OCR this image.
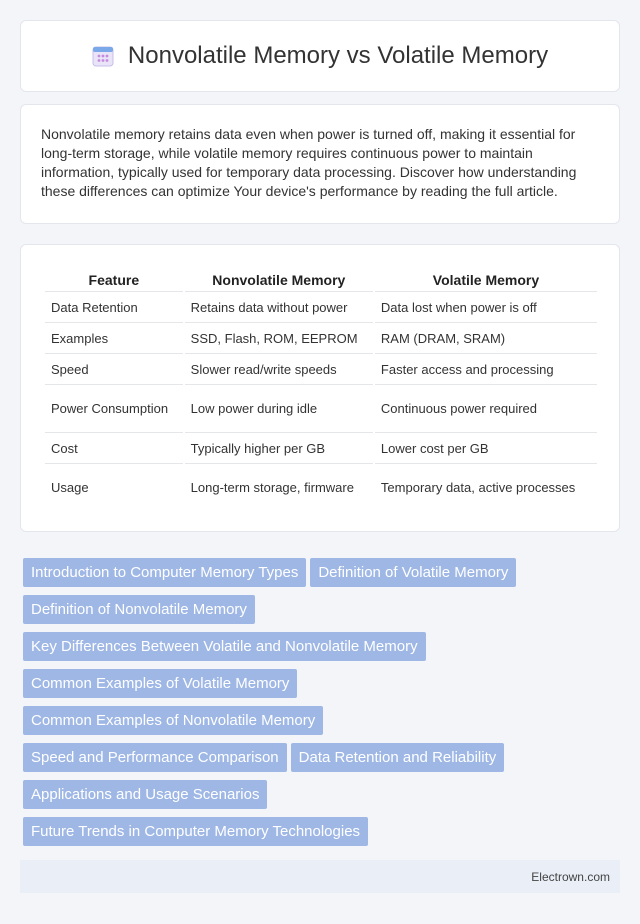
Nonvolatile Memory vs Volatile Memory

Nonvolatile memory retains data even when power is turned off, making it essential for long-term storage, while volatile memory requires continuous power to maintain information, typically used for temporary data processing. Discover how understanding these differences can optimize Your device's performance by reading the full article.

Feature	Nonvolatile Memory	Volatile Memory
Data Retention	Retains data without power	Data lost when power is off
Examples	SSD, Flash, ROM, EEPROM	RAM (DRAM, SRAM)
Speed	Slower read/write speeds	Faster access and processing
Power Consumption	Low power during idle	Continuous power required
Cost	Typically higher per GB	Lower cost per GB
Usage	Long-term storage, firmware	Temporary data, active processes
Introduction to Computer Memory Types Definition of Volatile Memory
Definition of Nonvolatile Memory
Key Differences Between Volatile and Nonvolatile Memory
Common Examples of Volatile Memory
Common Examples of Nonvolatile Memory
Speed and Performance Comparison Data Retention and Reliability
Applications and Usage Scenarios
Future Trends in Computer Memory Technologies
Electrown.com
